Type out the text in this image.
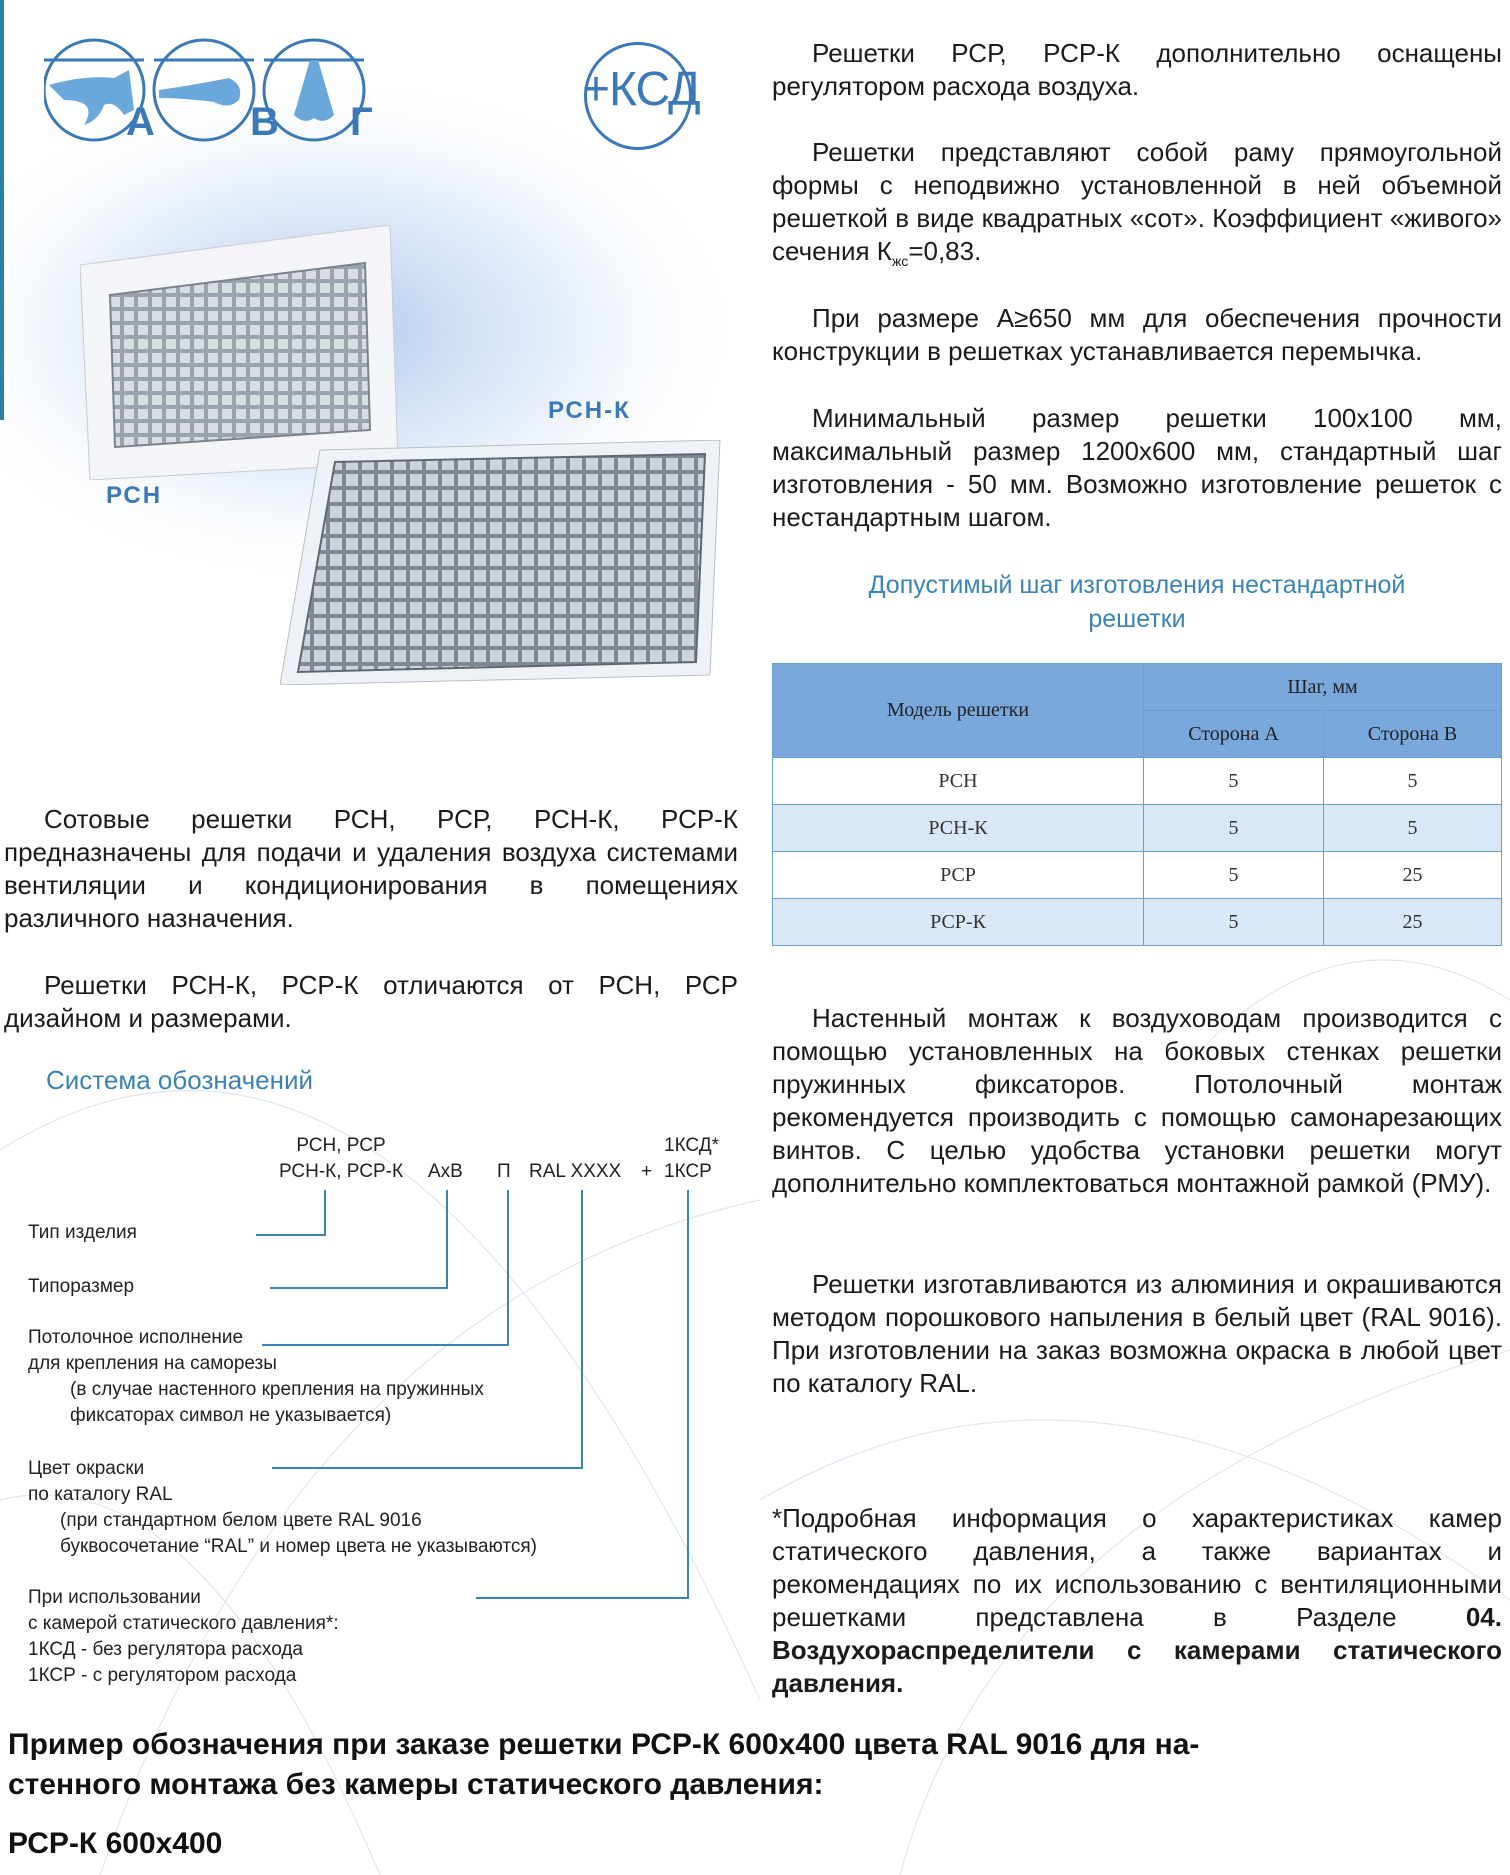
А В Г
+КСД
РСН
РСН-К

Решетки РСР, РСР-К дополнительно оснащены регулятором расхода воздуха.

Решетки представляют собой раму прямоугольной формы с неподвижно установленной в ней объемной решеткой в виде квадратных «сот». Коэффициент «живого» сечения $К_{жс}=0,83$.

При размере А≥650 мм для обеспечения прочности конструкции в решетках устанавливается перемычка.

Минимальный размер решетки 100х100 мм, максимальный размер 1200х600 мм, стандартный шаг изготовления - 50 мм. Возможно изготовление решеток с нестандартным шагом.

Допустимый шаг изготовления нестандартной
решетки
Модель решетки	Шаг, мм	
	Сторона А	Сторона В
РСН	5	5
РСН-К	5	5
РСР	5	25
РСР-К	5	25

Настенный монтаж к воздуховодам производится с помощью установленных на боковых стенках решетки пружинных фиксаторов. Потолочный монтаж рекомендуется производить с помощью самонарезающих винтов. С целью удобства установки решетки могут дополнительно комплектоваться монтажной рамкой (РМУ).

Решетки изготавливаются из алюминия и окрашиваются методом порошкового напыления в белый цвет (RAL 9016). При изготовлении на заказ возможна окраска в любой цвет по каталогу RAL.

*Подробная информация о характеристиках камер статического давления, а также вариантах и рекомендациях по их использованию с вентиляционными решетками представлена в Разделе 04. Воздухораспределители с камерами статического давления.

Сотовые решетки РСН, РСР, РСН-К, РСР-К предназначены для подачи и удаления воздуха системами вентиляции и кондиционирования в помещениях различного назначения.

Решетки РСН-К, РСР-К отличаются от РСН, РСР дизайном и размерами.

Система обозначений
РСН, РСР
РСН-К, РСР-К АхВ П RAL XXXX +
1КСД*
1КСР
Тип изделия
Типоразмер
Потолочное исполнение
для крепления на саморезы
(в случае настенного крепления на пружинных
фиксаторах символ не указывается)
Цвет окраски
по каталогу RAL
(при стандартном белом цвете RAL 9016
буквосочетание “RAL” и номер цвета не указываются)
При использовании
с камерой статического давления*:
1КСД - без регулятора расхода
1КСР - с регулятором расхода
Пример обозначения при заказе решетки РСР-К 600х400 цвета RAL 9016 для на-
стенного монтажа без камеры статического давления:
РСР-К 600х400
